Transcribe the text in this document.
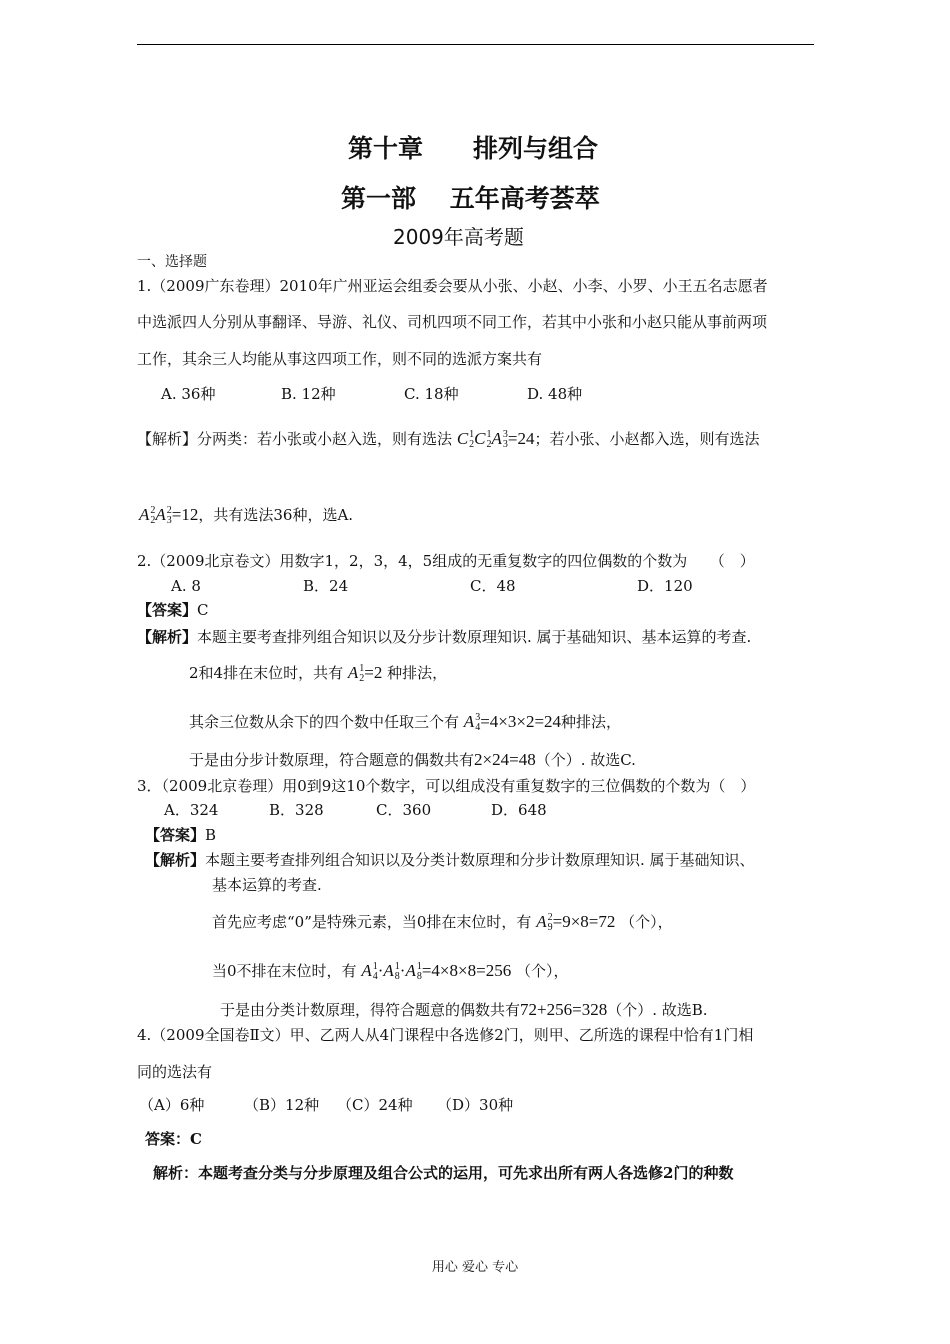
第十章　　排列与组合
第一部　 五年高考荟萃
2009年高考题
一、选择题
1.（2009广东卷理）2010年广州亚运会组委会要从小张、小赵、小李、小罗、小王五名志愿者
中选派四人分别从事翻译、导游、礼仪、司机四项不同工作，若其中小张和小赵只能从事前两项
工作，其余三人均能从事这四项工作，则不同的选派方案共有
A. 36种	B. 12种	C. 18种	D. 48种
【解析】分两类：若小张或小赵入选，则有选法 C 1
2 C 1
2 A 3
3 =24；若小张、小赵都入选，则有选法
A 2
2 A 2
3 =12，共有选法36种，选A.
2.（2009北京卷文）用数字1，2，3，4，5组成的无重复数字的四位偶数的个数为　　（　）
A. 8	B．24	C．48	D．120
【答案】C
【解析】本题主要考查排列组合知识以及分步计数原理知识. 属于基础知识、基本运算的考查.
2和4排在末位时，共有 A 1
2 =2 种排法，
其余三位数从余下的四个数中任取三个有 A 3
4 =4×3×2=24种排法，
于是由分步计数原理，符合题意的偶数共有2×24=48（个）. 故选C.
3．（2009北京卷理）用0到9这10个数字，可以组成没有重复数字的三位偶数的个数为（　）
A．324	B．328	C．360	D．648
【答案】B
【解析】本题主要考查排列组合知识以及分类计数原理和分步计数原理知识. 属于基础知识、
基本运算的考查.
首先应考虑“0”是特殊元素，当0排在末位时，有 A 2
9 =9×8=72 （个），
当0不排在末位时，有 A 1
4 ·A 1
8 ·A 1
8 =4×8×8=256 （个），
于是由分类计数原理，得符合题意的偶数共有72+256=328（个）. 故选B.
4.（2009全国卷Ⅱ文）甲、乙两人从4门课程中各选修2门，则甲、乙所选的课程中恰有1门相
同的选法有
（A）6种	（B）12种 （C）24种 （D）30种
答案：C
解析：本题考查分类与分步原理及组合公式的运用，可先求出所有两人各选修2门的种数
用心 爱心 专心
